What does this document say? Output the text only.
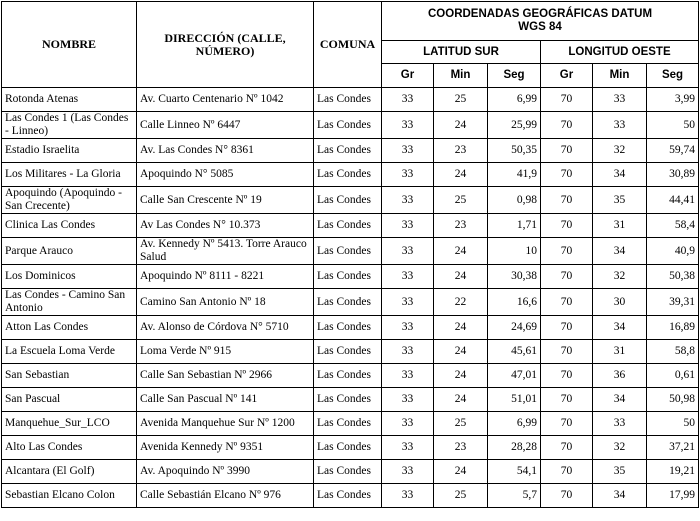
NOMBRE	DIRECCIÓN (CALLE, NÚMERO)	COMUNA	COORDENADAS GEOGRÁFICAS DATUM WGS 84					
			LATITUD SUR			LONGITUD OESTE		
			Gr	Min	Seg	Gr	Min	Seg
Rotonda Atenas	Av. Cuarto Centenario Nº 1042	Las Condes	33	25	6,99	70	33	3,99
Las Condes 1 (Las Condes - Linneo)	Calle Linneo Nº 6447	Las Condes	33	24	25,99	70	33	50
Estadio Israelita	Av. Las Condes N° 8361	Las Condes	33	23	50,35	70	32	59,74
Los Militares - La Gloria	Apoquindo N° 5085	Las Condes	33	24	41,9	70	34	30,89
Apoquindo (Apoquindo - San Crecente)	Calle San Crescente Nº 19	Las Condes	33	25	0,98	70	35	44,41
Clinica Las Condes	Av Las Condes N° 10.373	Las Condes	33	23	1,71	70	31	58,4
Parque Arauco	Av. Kennedy Nº 5413. Torre Arauco Salud	Las Condes	33	24	10	70	34	40,9
Los Dominicos	Apoquindo Nº 8111 - 8221	Las Condes	33	24	30,38	70	32	50,38
Las Condes - Camino San Antonio	Camino San Antonio Nº 18	Las Condes	33	22	16,6	70	30	39,31
Atton Las Condes	Av. Alonso de Córdova N° 5710	Las Condes	33	24	24,69	70	34	16,89
La Escuela Loma Verde	Loma Verde Nº 915	Las Condes	33	24	45,61	70	31	58,8
San Sebastian	Calle San Sebastian Nº 2966	Las Condes	33	24	47,01	70	36	0,61
San Pascual	Calle San Pascual Nº 141	Las Condes	33	24	51,01	70	34	50,98
Manquehue_Sur_LCO	Avenida Manquehue Sur Nº 1200	Las Condes	33	25	6,99	70	33	50
Alto Las Condes	Avenida Kennedy Nº 9351	Las Condes	33	23	28,28	70	32	37,21
Alcantara (El Golf)	Av. Apoquindo Nº 3990	Las Condes	33	24	54,1	70	35	19,21
Sebastian Elcano Colon	Calle Sebastián Elcano Nº 976	Las Condes	33	25	5,7	70	34	17,99
